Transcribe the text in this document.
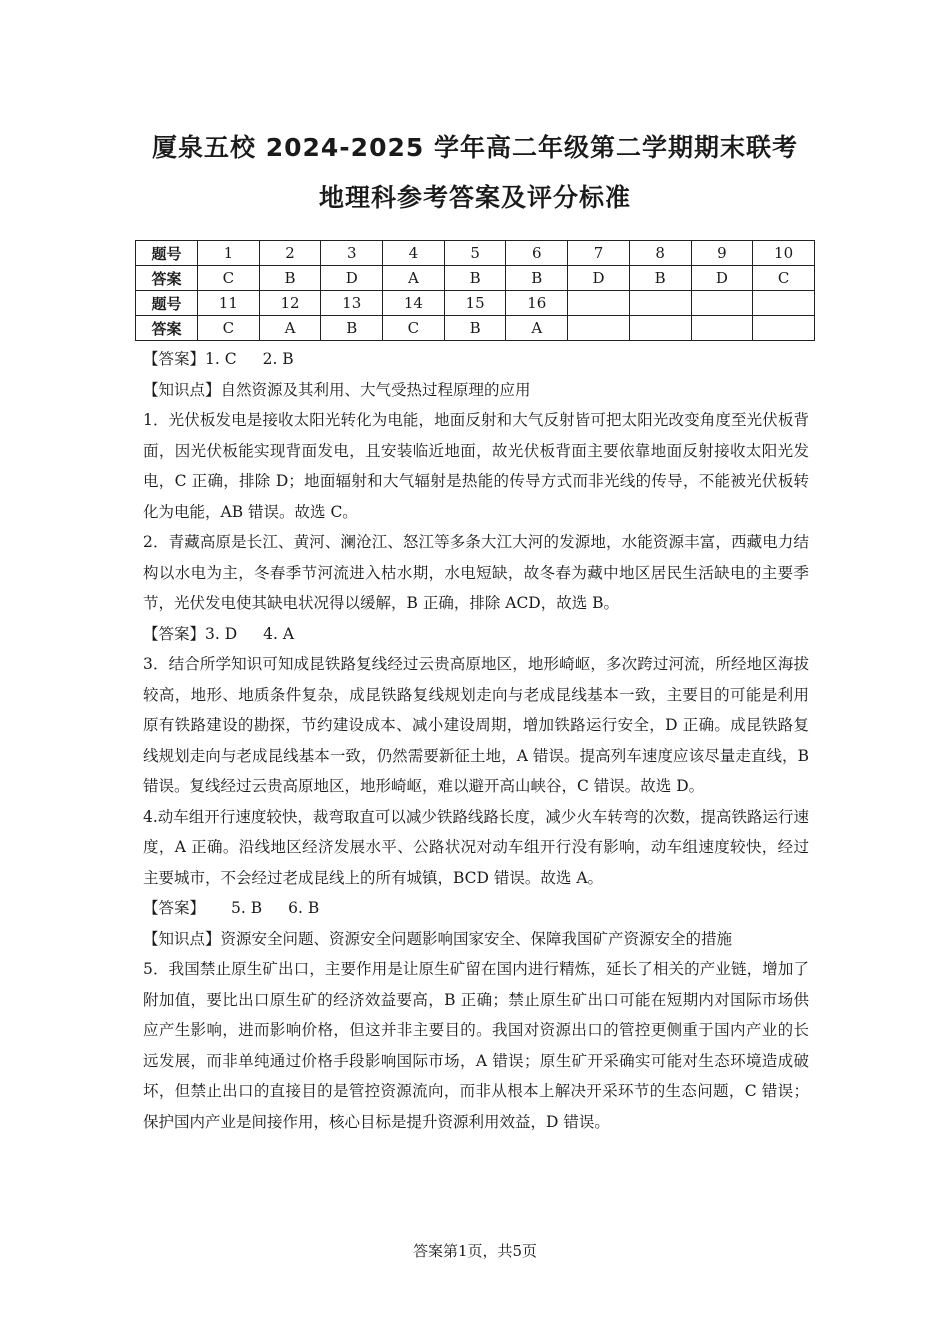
厦泉五校 2024-2025 学年高二年级第二学期期末联考
地理科参考答案及评分标准
题号	1	2	3	4	5	6	7	8	9	10
答案	C	B	D	A	B	B	D	B	D	C
题号	11	12	13	14	15	16				
答案	C	A	B	C	B	A				

【答案】1. C 2. B

【知识点】自然资源及其利用、大气受热过程原理的应用

1．光伏板发电是接收太阳光转化为电能，地面反射和大气反射皆可把太阳光改变角度至光伏板背面，因光伏板能实现背面发电，且安装临近地面，故光伏板背面主要依靠地面反射接收太阳光发电，C 正确，排除 D；地面辐射和大气辐射是热能的传导方式而非光线的传导，不能被光伏板转化为电能，AB 错误。故选 C。

2．青藏高原是长江、黄河、澜沧江、怒江等多条大江大河的发源地，水能资源丰富，西藏电力结构以水电为主，冬春季节河流进入枯水期，水电短缺，故冬春为藏中地区居民生活缺电的主要季节，光伏发电使其缺电状况得以缓解，B 正确，排除 ACD，故选 B。

【答案】3. D 4. A

3．结合所学知识可知成昆铁路复线经过云贵高原地区，地形崎岖，多次跨过河流，所经地区海拔较高，地形、地质条件复杂，成昆铁路复线规划走向与老成昆线基本一致，主要目的可能是利用原有铁路建设的勘探，节约建设成本、减小建设周期，增加铁路运行安全，D 正确。成昆铁路复线规划走向与老成昆线基本一致，仍然需要新征土地，A 错误。提高列车速度应该尽量走直线，B 错误。复线经过云贵高原地区，地形崎岖，难以避开高山峡谷，C 错误。故选 D。

4.动车组开行速度较快，裁弯取直可以减少铁路线路长度，减少火车转弯的次数，提高铁路运行速度，A 正确。沿线地区经济发展水平、公路状况对动车组开行没有影响，动车组速度较快，经过主要城市，不会经过老成昆线上的所有城镇，BCD 错误。故选 A。

【答案】 5. B 6. B

【知识点】资源安全问题、资源安全问题影响国家安全、保障我国矿产资源安全的措施

5．我国禁止原生矿出口，主要作用是让原生矿留在国内进行精炼，延长了相关的产业链，增加了附加值，要比出口原生矿的经济效益要高，B 正确；禁止原生矿出口可能在短期内对国际市场供应产生影响，进而影响价格，但这并非主要目的。我国对资源出口的管控更侧重于国内产业的长远发展，而非单纯通过价格手段影响国际市场，A 错误；原生矿开采确实可能对生态环境造成破坏，但禁止出口的直接目的是管控资源流向，而非从根本上解决开采环节的生态问题，C 错误；保护国内产业是间接作用，核心目标是提升资源利用效益，D 错误。

答案第1页，共5页
